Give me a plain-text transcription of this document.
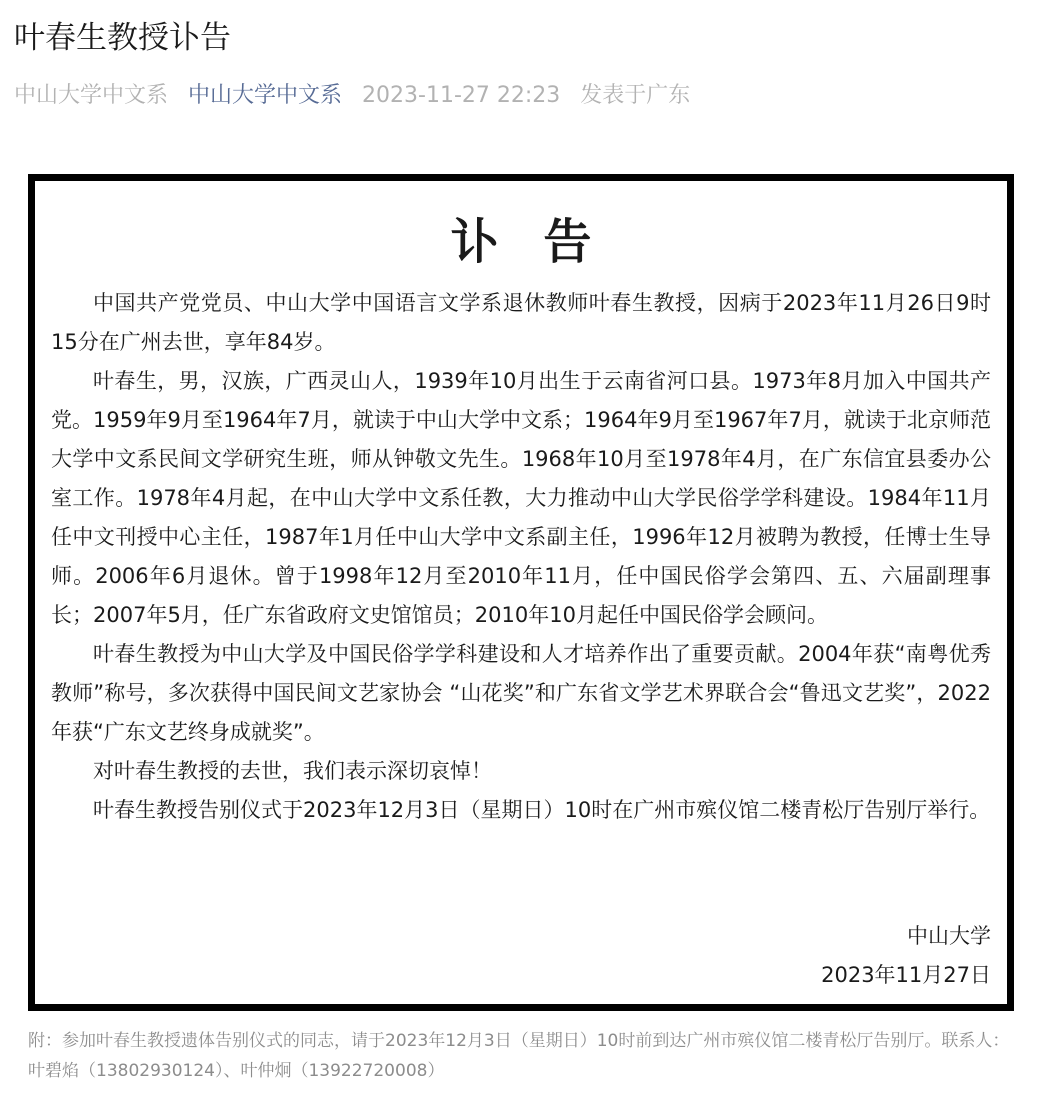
叶春生教授讣告
中山大学中文系 中山大学中文系 2023-11-27 22:23 发表于广东
讣 告

中国共产党党员、中山大学中国语言文学系退休教师叶春生教授，因病于2023年11月26日9时15分在广州去世，享年84岁。

叶春生，男，汉族，广西灵山人，1939年10月出生于云南省河口县。1973年8月加入中国共产党。1959年9月至1964年7月，就读于中山大学中文系；1964年9月至1967年7月，就读于北京师范大学中文系民间文学研究生班，师从钟敬文先生。1968年10月至1978年4月，在广东信宜县委办公室工作。1978年4月起，在中山大学中文系任教，大力推动中山大学民俗学学科建设。1984年11月任中文刊授中心主任，1987年1月任中山大学中文系副主任，1996年12月被聘为教授，任博士生导师。2006年6月退休。曾于1998年12月至2010年11月，任中国民俗学会第四、五、六届副理事长；2007年5月，任广东省政府文史馆馆员；2010年10月起任中国民俗学会顾问。

叶春生教授为中山大学及中国民俗学学科建设和人才培养作出了重要贡献。2004年获“南粤优秀教师”称号，多次获得中国民间文艺家协会 “山花奖”和广东省文学艺术界联合会“鲁迅文艺奖”，2022年获“广东文艺终身成就奖”。

对叶春生教授的去世，我们表示深切哀悼！

叶春生教授告别仪式于2023年12月3日（星期日）10时在广州市殡仪馆二楼青松厅告别厅举行。

中山大学
2023年11月27日

附：参加叶春生教授遗体告别仪式的同志，请于2023年12月3日（星期日）10时前到达广州市殡仪馆二楼青松厅告别厅。联系人：叶碧焰（13802930124）、叶仲炯（13922720008）
